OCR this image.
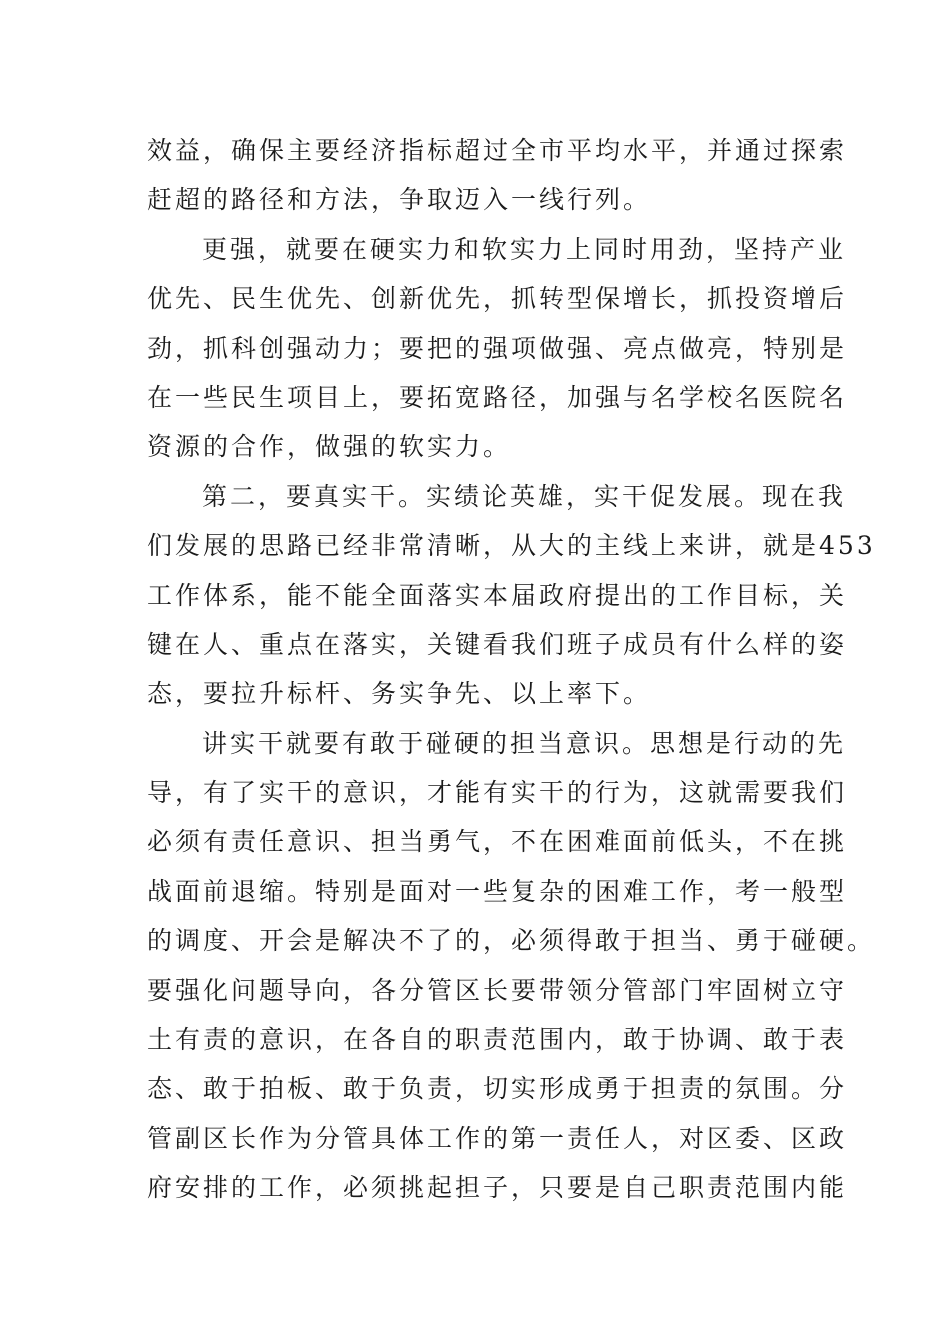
效益，确保主要经济指标超过全市平均水平，并通过探索
赶超的路径和方法，争取迈入一线行列。
更强，就要在硬实力和软实力上同时用劲，坚持产业
优先、民生优先、创新优先，抓转型保增长，抓投资增后
劲，抓科创强动力；要把的强项做强、亮点做亮，特别是
在一些民生项目上，要拓宽路径，加强与名学校名医院名
资源的合作，做强的软实力。
第二，要真实干。实绩论英雄，实干促发展。现在我
们发展的思路已经非常清晰，从大的主线上来讲，就是453
工作体系，能不能全面落实本届政府提出的工作目标，关
键在人、重点在落实，关键看我们班子成员有什么样的姿
态，要拉升标杆、务实争先、以上率下。
讲实干就要有敢于碰硬的担当意识。思想是行动的先
导，有了实干的意识，才能有实干的行为，这就需要我们
必须有责任意识、担当勇气，不在困难面前低头，不在挑
战面前退缩。特别是面对一些复杂的困难工作，考一般型
的调度、开会是解决不了的，必须得敢于担当、勇于碰硬。
要强化问题导向，各分管区长要带领分管部门牢固树立守
土有责的意识，在各自的职责范围内，敢于协调、敢于表
态、敢于拍板、敢于负责，切实形成勇于担责的氛围。分
管副区长作为分管具体工作的第一责任人，对区委、区政
府安排的工作，必须挑起担子，只要是自己职责范围内能
